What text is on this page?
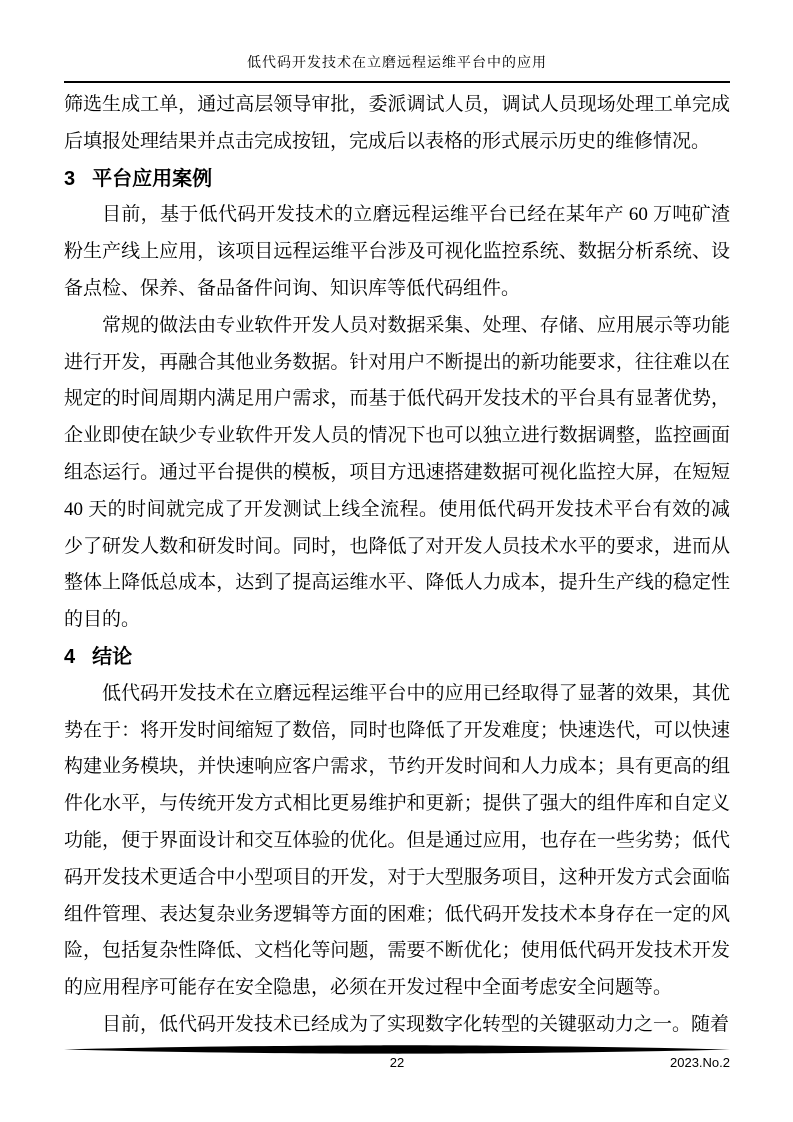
低代码开发技术在立磨远程运维平台中的应用

筛选生成工单，通过高层领导审批，委派调试人员，调试人员现场处理工单完成后填报处理结果并点击完成按钮，完成后以表格的形式展示历史的维修情况。

3 平台应用案例

目前，基于低代码开发技术的立磨远程运维平台已经在某年产 60 万吨矿渣粉生产线上应用，该项目远程运维平台涉及可视化监控系统、数据分析系统、设备点检、保养、备品备件问询、知识库等低代码组件。

常规的做法由专业软件开发人员对数据采集、处理、存储、应用展示等功能进行开发，再融合其他业务数据。针对用户不断提出的新功能要求，往往难以在规定的时间周期内满足用户需求，而基于低代码开发技术的平台具有显著优势，企业即使在缺少专业软件开发人员的情况下也可以独立进行数据调整，监控画面组态运行。通过平台提供的模板，项目方迅速搭建数据可视化监控大屏，在短短 40 天的时间就完成了开发测试上线全流程。使用低代码开发技术平台有效的减少了研发人数和研发时间。同时，也降低了对开发人员技术水平的要求，进而从整体上降低总成本，达到了提高运维水平、降低人力成本，提升生产线的稳定性的目的。

4 结论

低代码开发技术在立磨远程运维平台中的应用已经取得了显著的效果，其优势在于：将开发时间缩短了数倍，同时也降低了开发难度；快速迭代，可以快速构建业务模块，并快速响应客户需求，节约开发时间和人力成本；具有更高的组件化水平，与传统开发方式相比更易维护和更新；提供了强大的组件库和自定义功能，便于界面设计和交互体验的优化。但是通过应用，也存在一些劣势；低代码开发技术更适合中小型项目的开发，对于大型服务项目，这种开发方式会面临组件管理、表达复杂业务逻辑等方面的困难；低代码开发技术本身存在一定的风险，包括复杂性降低、文档化等问题，需要不断优化；使用低代码开发技术开发的应用程序可能存在安全隐患，必须在开发过程中全面考虑安全问题等。

目前，低代码开发技术已经成为了实现数字化转型的关键驱动力之一。随着

22	2023.No.2
